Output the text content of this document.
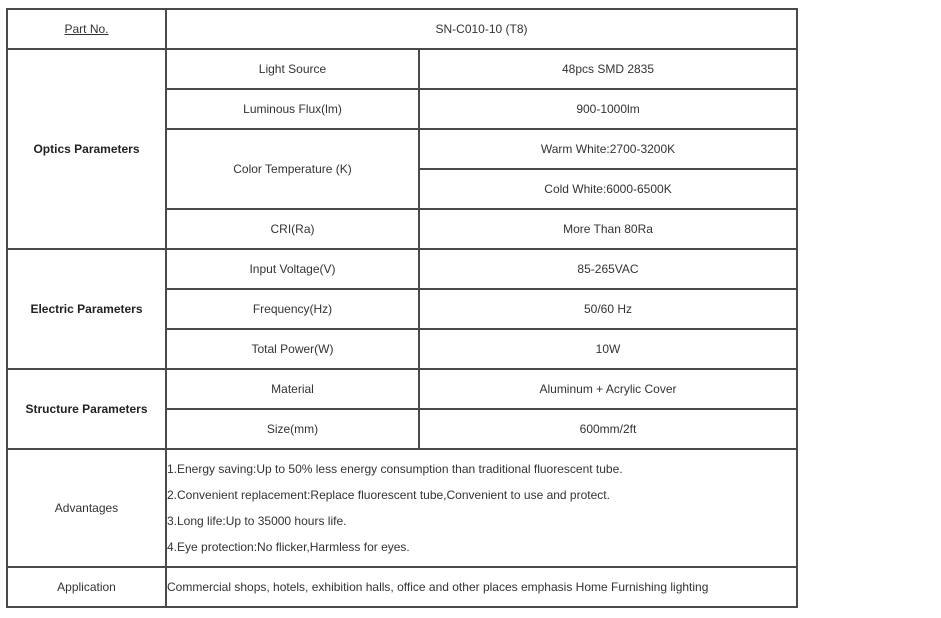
Part No.	SN-C010-10 (T8)	
Optics Parameters	Light Source	48pcs SMD 2835
	Luminous Flux(lm)	900-1000lm
	Color Temperature (K)	Warm White:2700-3200K
		Cold White:6000-6500K
	CRI(Ra)	More Than 80Ra
Electric Parameters	Input Voltage(V)	85-265VAC
	Frequency(Hz)	50/60 Hz
	Total Power(W)	10W
Structure Parameters	Material	Aluminum + Acrylic Cover
	Size(mm)	600mm/2ft
Advantages	1.Energy saving:Up to 50% less energy consumption than traditional fluorescent tube.
2.Convenient replacement:Replace fluorescent tube,Convenient to use and protect.
3.Long life:Up to 35000 hours life.
4.Eye protection:No flicker,Harmless for eyes.	

Application	Commercial shops, hotels, exhibition halls, office and other places emphasis Home Furnishing lighting	
